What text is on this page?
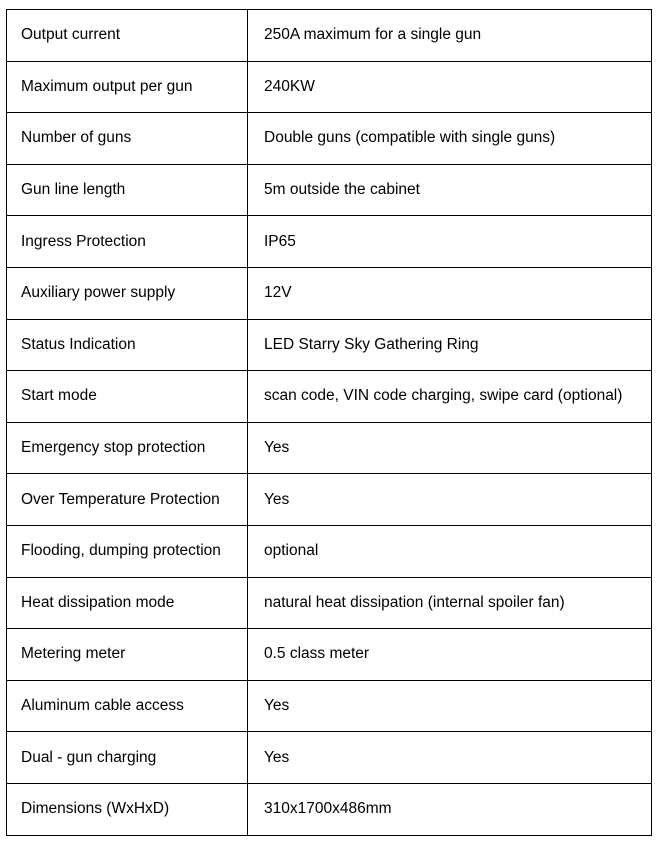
Output current	250A maximum for a single gun
Maximum output per gun	240KW
Number of guns	Double guns (compatible with single guns)
Gun line length	5m outside the cabinet
Ingress Protection	IP65
Auxiliary power supply	12V
Status Indication	LED Starry Sky Gathering Ring
Start mode	scan code, VIN code charging, swipe card (optional)
Emergency stop protection	Yes
Over Temperature Protection	Yes
Flooding, dumping protection	optional
Heat dissipation mode	natural heat dissipation (internal spoiler fan)
Metering meter	0.5 class meter
Aluminum cable access	Yes
Dual - gun charging	Yes
Dimensions (WxHxD)	310x1700x486mm
